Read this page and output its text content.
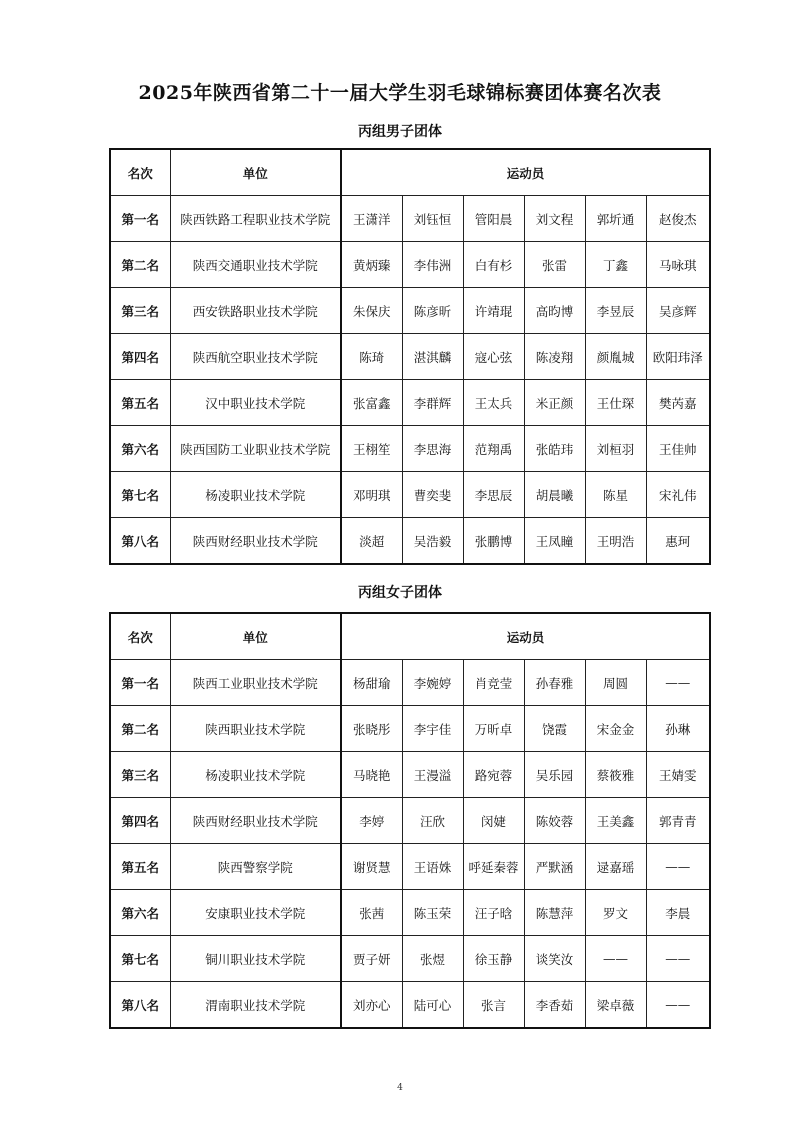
2025年陕西省第二十一届大学生羽毛球锦标赛团体赛名次表
丙组男子团体
名次	单位	运动员					
第一名	陕西铁路工程职业技术学院	王潇洋	刘钰恒	管阳晨	刘文程	郭圻通	赵俊杰
第二名	陕西交通职业技术学院	黄炳臻	李伟洲	白有杉	张雷	丁鑫	马咏琪
第三名	西安铁路职业技术学院	朱保庆	陈彦昕	许靖琨	高昀博	李昱辰	吴彦辉
第四名	陕西航空职业技术学院	陈琦	湛淇麟	寇心弦	陈凌翔	颜胤城	欧阳玮泽
第五名	汉中职业技术学院	张富鑫	李群辉	王太兵	米正颜	王仕琛	樊芮嘉
第六名	陕西国防工业职业技术学院	王栩笙	李思海	范翔禹	张皓玮	刘桓羽	王佳帅
第七名	杨凌职业技术学院	邓明琪	曹奕斐	李思辰	胡晨曦	陈星	宋礼伟
第八名	陕西财经职业技术学院	淡超	吴浩毅	张鹏博	王凤瞳	王明浩	惠珂
丙组女子团体
名次	单位	运动员					
第一名	陕西工业职业技术学院	杨甜瑜	李婉婷	肖竞莹	孙春雅	周圆	——
第二名	陕西职业技术学院	张晓彤	李宇佳	万昕卓	饶霞	宋金金	孙琳
第三名	杨凌职业技术学院	马晓艳	王漫溢	路宛蓉	吴乐园	蔡筱雅	王婧雯
第四名	陕西财经职业技术学院	李婷	汪欣	闵婕	陈姣蓉	王美鑫	郭青青
第五名	陕西警察学院	谢贤慧	王语姝	呼延秦蓉	严默涵	逯嘉瑶	——
第六名	安康职业技术学院	张茜	陈玉荣	汪子晗	陈慧萍	罗文	李晨
第七名	铜川职业技术学院	贾子妍	张煜	徐玉静	谈笑汝	——	——
第八名	渭南职业技术学院	刘亦心	陆可心	张言	李香茹	梁卓薇	——
4
